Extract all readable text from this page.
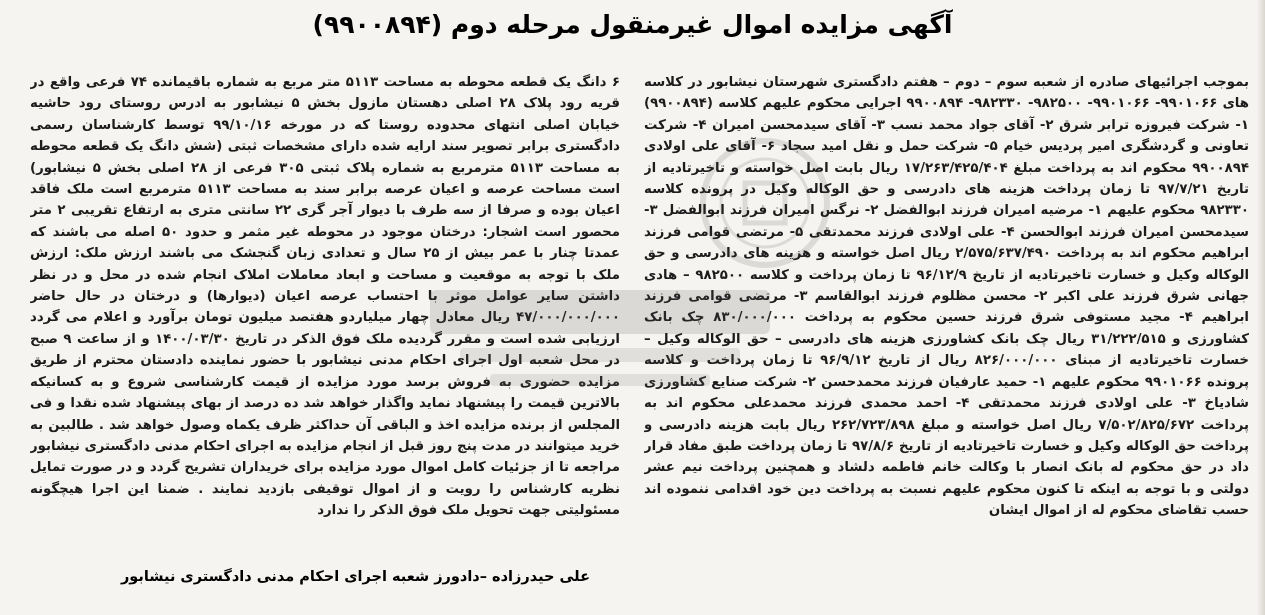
آگهی مزایده اموال غیرمنقول مرحله دوم (۹۹۰۰۸۹۴)
بموجب اجرائیهای صادره از شعبه سوم – دوم – هفتم دادگستری شهرستان نیشابور در کلاسه های ۹۹۰۱۰۶۶- ۹۹۰۱۰۶۶- ۹۸۲۵۰۰- ۹۸۲۳۳۰- ۹۹۰۰۸۹۴ اجرایی محکوم علیهم کلاسه (۹۹۰۰۸۹۴) ۱- شرکت فیروزه ترابر شرق ۲- آقای جواد محمد نسب ۳- آقای سیدمحسن امیران ۴- شرکت تعاونی و گردشگری امیر پردیس خیام ۵- شرکت حمل و نقل امید سجاد ۶- آقای علی اولادی ۹۹۰۰۸۹۴ محکوم اند به پرداخت مبلغ ۱۷/۲۶۳/۴۲۵/۴۰۴ ریال بابت اصل خواسته و تاخیرتادیه از تاریخ ۹۷/۷/۲۱ تا زمان پرداخت هزینه های دادرسی و حق الوکاله وکیل در پرونده کلاسه ۹۸۲۳۳۰ محکوم علیهم ۱- مرضیه امیران فرزند ابوالفضل ۲- نرگس امیران فرزند ابوالفضل ۳- سیدمحسن امیران فرزند ابوالحسن ۴- علی اولادی فرزند محمدتقی ۵- مرتضی قوامی فرزند ابراهیم محکوم اند به پرداخت ۲/۵۷۵/۶۳۷/۴۹۰ ریال اصل خواسته و هزینه های دادرسی و حق الوکاله وکیل و خسارت تاخیرتادیه از تاریخ ۹۶/۱۲/۹ تا زمان پرداخت و کلاسه ۹۸۲۵۰۰ – هادی جهانی شرق فرزند علی اکبر ۲- محسن مظلوم فرزند ابوالقاسم ۳- مرتضی قوامی فرزند ابراهیم ۴- مجید مستوفی شرق فرزند حسین محکوم به پرداخت ۸۳۰/۰۰۰/۰۰۰ چک بانک کشاورزی و ۳۱/۲۲۲/۵۱۵ ریال چک بانک کشاورزی هزینه های دادرسی – حق الوکاله وکیل – خسارت تاخیرتادیه از مبنای ۸۲۶/۰۰۰/۰۰۰ ریال از تاریخ ۹۶/۹/۱۲ تا زمان پرداخت و کلاسه پرونده ۹۹۰۱۰۶۶ محکوم علیهم ۱- حمید عارفیان فرزند محمدحسن ۲- شرکت صنایع کشاورزی شادیاخ ۳- علی اولادی فرزند محمدتقی ۴- احمد محمدی فرزند محمدعلی محکوم اند به پرداخت ۷/۵۰۲/۸۲۵/۶۷۲ ریال اصل خواسته و مبلغ ۲۶۲/۷۲۳/۸۹۸ ریال بابت هزینه دادرسی و پرداخت حق الوکاله وکیل و خسارت تاخیرتادیه از تاریخ ۹۷/۸/۶ تا زمان پرداخت طبق مفاد قرار داد در حق محکوم له بانک انصار با وکالت خانم فاطمه دلشاد و همچنین پرداخت نیم عشر دولتی و با توجه به اینکه تا کنون محکوم علیهم نسبت به پرداخت دین خود اقدامی ننموده اند حسب تقاضای محکوم له از اموال ایشان
۶ دانگ یک قطعه محوطه به مساحت ۵۱۱۳ متر مربع به شماره باقیمانده ۷۴ فرعی واقع در قریه رود پلاک ۲۸ اصلی دهستان مازول بخش ۵ نیشابور به ادرس روستای رود حاشیه خیابان اصلی انتهای محدوده روستا که در مورخه ۹۹/۱۰/۱۶ توسط کارشناسان رسمی دادگستری برابر تصویر سند ارایه شده دارای مشخصات ثبتی (شش دانگ یک قطعه محوطه به مساحت ۵۱۱۳ مترمربع به شماره پلاک ثبتی ۳۰۵ فرعی از ۲۸ اصلی بخش ۵ نیشابور) است مساحت عرصه و اعیان عرصه برابر سند به مساحت ۵۱۱۳ مترمربع است ملک فاقد اعیان بوده و صرفا از سه طرف با دیوار آجر گری ۲۲ سانتی متری به ارتفاع تقریبی ۲ متر محصور است اشجار: درختان موجود در محوطه غیر مثمر و حدود ۵۰ اصله می باشند که عمدتا چنار با عمر بیش از ۲۵ سال و تعدادی زبان گنجشک می باشند ارزش ملک: ارزش ملک با توجه به موقعیت و مساحت و ابعاد معاملات املاک انجام شده در محل و در نظر داشتن سایر عوامل موثر با احتساب عرصه اعیان (دیوارها) و درختان در حال حاضر ۴۷/۰۰۰/۰۰۰/۰۰۰ ریال معادل چهار میلیاردو هفتصد میلیون تومان برآورد و اعلام می گردد ارزیابی شده است و مقرر گردیده ملک فوق الذکر در تاریخ ۱۴۰۰/۰۳/۳۰ و از ساعت ۹ صبح در محل شعبه اول اجرای احکام مدنی نیشابور با حضور نماینده دادستان محترم از طریق مزایده حضوری به فروش برسد مورد مزایده از قیمت کارشناسی شروع و به کسانیکه بالاترین قیمت را پیشنهاد نماید واگذار خواهد شد ده درصد از بهای پیشنهاد شده نقدا و فی المجلس از برنده مزایده اخذ و الباقی آن حداکثر ظرف یکماه وصول خواهد شد . طالبین به خرید میتوانند در مدت پنج روز قبل از انجام مزایده به اجرای احکام مدنی دادگستری نیشابور مراجعه تا از جزئیات کامل اموال مورد مزایده برای خریداران تشریح گردد و در صورت تمایل نظریه کارشناس را رویت و از اموال توقیفی بازدید نمایند . ضمنا این اجرا هیچگونه مسئولیتی جهت تحویل ملک فوق الذکر را ندارد
علی حیدرزاده –دادورز شعبه اجرای احکام مدنی دادگستری نیشابور
